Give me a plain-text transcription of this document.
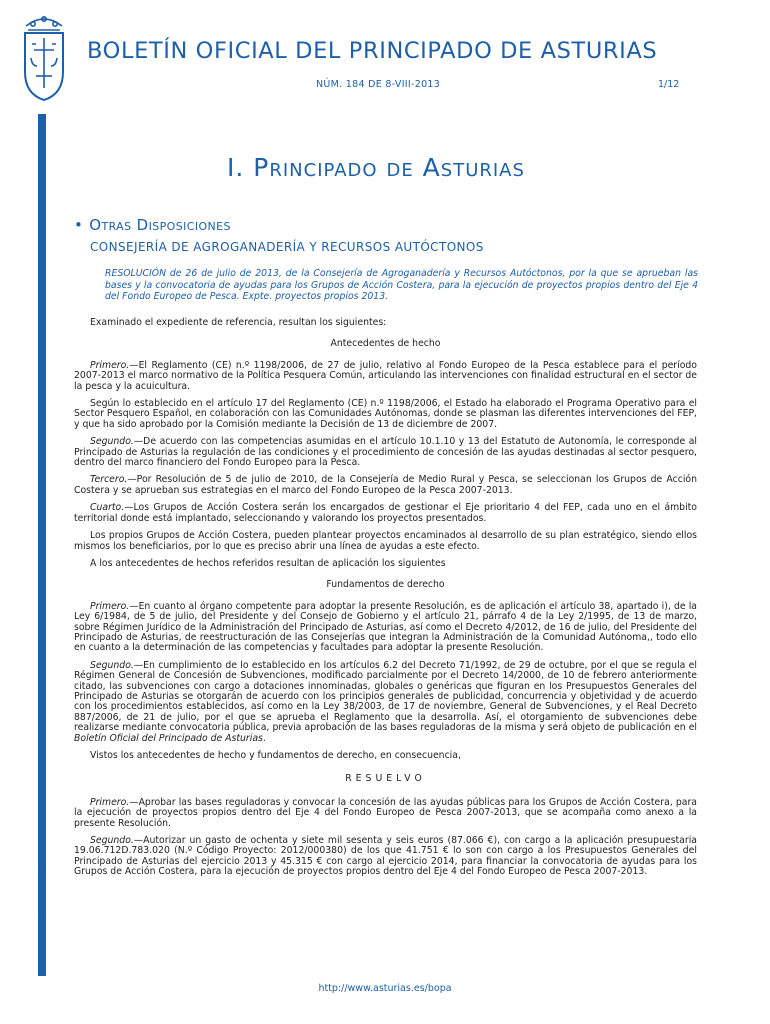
BOLETÍN OFICIAL DEL PRINCIPADO DE ASTURIAS
NÚM. 184 DE 8-VIII-2013	1/12
Cód. 2013-14906
I. Principado de Asturias
• Otras Disposiciones
CONSEJERÍA DE AGROGANADERÍA Y RECURSOS AUTÓCTONOS

RESOLUCIÓN de 26 de julio de 2013, de la Consejería de Agroganadería y Recursos Autóctonos, por la que se aprueban las bases y la convocatoria de ayudas para los Grupos de Acción Costera, para la ejecución de proyectos propios dentro del Eje 4 del Fondo Europeo de Pesca. Expte. proyectos propios 2013.

Examinado el expediente de referencia, resultan los siguientes:

Antecedentes de hecho

Primero.—El Reglamento (CE) n.º 1198/2006, de 27 de julio, relativo al Fondo Europeo de la Pesca establece para el período 2007-2013 el marco normativo de la Política Pesquera Común, articulando las intervenciones con finalidad estructural en el sector de la pesca y la acuicultura.

Según lo establecido en el artículo 17 del Reglamento (CE) n.º 1198/2006, el Estado ha elaborado el Programa Operativo para el Sector Pesquero Español, en colaboración con las Comunidades Autónomas, donde se plasman las diferentes intervenciones del FEP, y que ha sido aprobado por la Comisión mediante la Decisión de 13 de diciembre de 2007.

Segundo.—De acuerdo con las competencias asumidas en el artículo 10.1.10 y 13 del Estatuto de Autonomía, le corresponde al Principado de Asturias la regulación de las condiciones y el procedimiento de concesión de las ayudas destinadas al sector pesquero, dentro del marco financiero del Fondo Europeo para la Pesca.

Tercero.—Por Resolución de 5 de julio de 2010, de la Consejería de Medio Rural y Pesca, se seleccionan los Grupos de Acción Costera y se aprueban sus estrategias en el marco del Fondo Europeo de la Pesca 2007-2013.

Cuarto.—Los Grupos de Acción Costera serán los encargados de gestionar el Eje prioritario 4 del FEP, cada uno en el ámbito territorial donde está implantado, seleccionando y valorando los proyectos presentados.

Los propios Grupos de Acción Costera, pueden plantear proyectos encaminados al desarrollo de su plan estratégico, siendo ellos mismos los beneficiarios, por lo que es preciso abrir una línea de ayudas a este efecto.

A los antecedentes de hechos referidos resultan de aplicación los siguientes

Fundamentos de derecho

Primero.—En cuanto al órgano competente para adoptar la presente Resolución, es de aplicación el artículo 38, apartado i), de la Ley 6/1984, de 5 de julio, del Presidente y del Consejo de Gobierno y el artículo 21, párrafo 4 de la Ley 2/1995, de 13 de marzo, sobre Régimen Jurídico de la Administración del Principado de Asturias, así como el Decreto 4/2012, de 16 de julio, del Presidente del Principado de Asturias, de reestructuración de las Consejerías que integran la Administración de la Comunidad Autónoma,, todo ello en cuanto a la determinación de las competencias y facultades para adoptar la presente Resolución.

Segundo.—En cumplimiento de lo establecido en los artículos 6.2 del Decreto 71/1992, de 29 de octubre, por el que se regula el Régimen General de Concesión de Subvenciones, modificado parcialmente por el Decreto 14/2000, de 10 de febrero anteriormente citado, las subvenciones con cargo a dotaciones innominadas, globales o genéricas que figuran en los Presupuestos Generales del Principado de Asturias se otorgarán de acuerdo con los principios generales de publicidad, concurrencia y objetividad y de acuerdo con los procedimientos establecidos, así como en la Ley 38/2003, de 17 de noviembre, General de Subvenciones, y el Real Decreto 887/2006, de 21 de julio, por el que se aprueba el Reglamento que la desarrolla. Así, el otorgamiento de subvenciones debe realizarse mediante convocatoria pública, previa aprobación de las bases reguladoras de la misma y será objeto de publicación en el Boletín Oficial del Principado de Asturias.

Vistos los antecedentes de hecho y fundamentos de derecho, en consecuencia,

RESUELVO

Primero.—Aprobar las bases reguladoras y convocar la concesión de las ayudas públicas para los Grupos de Acción Costera, para la ejecución de proyectos propios dentro del Eje 4 del Fondo Europeo de Pesca 2007-2013, que se acompaña como anexo a la presente Resolución.

Segundo.—Autorizar un gasto de ochenta y siete mil sesenta y seis euros (87.066 €), con cargo a la aplicación presupuestaria 19.06.712D.783.020 (N.º Código Proyecto: 2012/000380) de los que 41.751 € lo son con cargo a los Presupuestos Generales del Principado de Asturias del ejercicio 2013 y 45.315 € con cargo al ejercicio 2014, para financiar la convocatoria de ayudas para los Grupos de Acción Costera, para la ejecución de proyectos propios dentro del Eje 4 del Fondo Europeo de Pesca 2007-2013.

http://www.asturias.es/bopa
